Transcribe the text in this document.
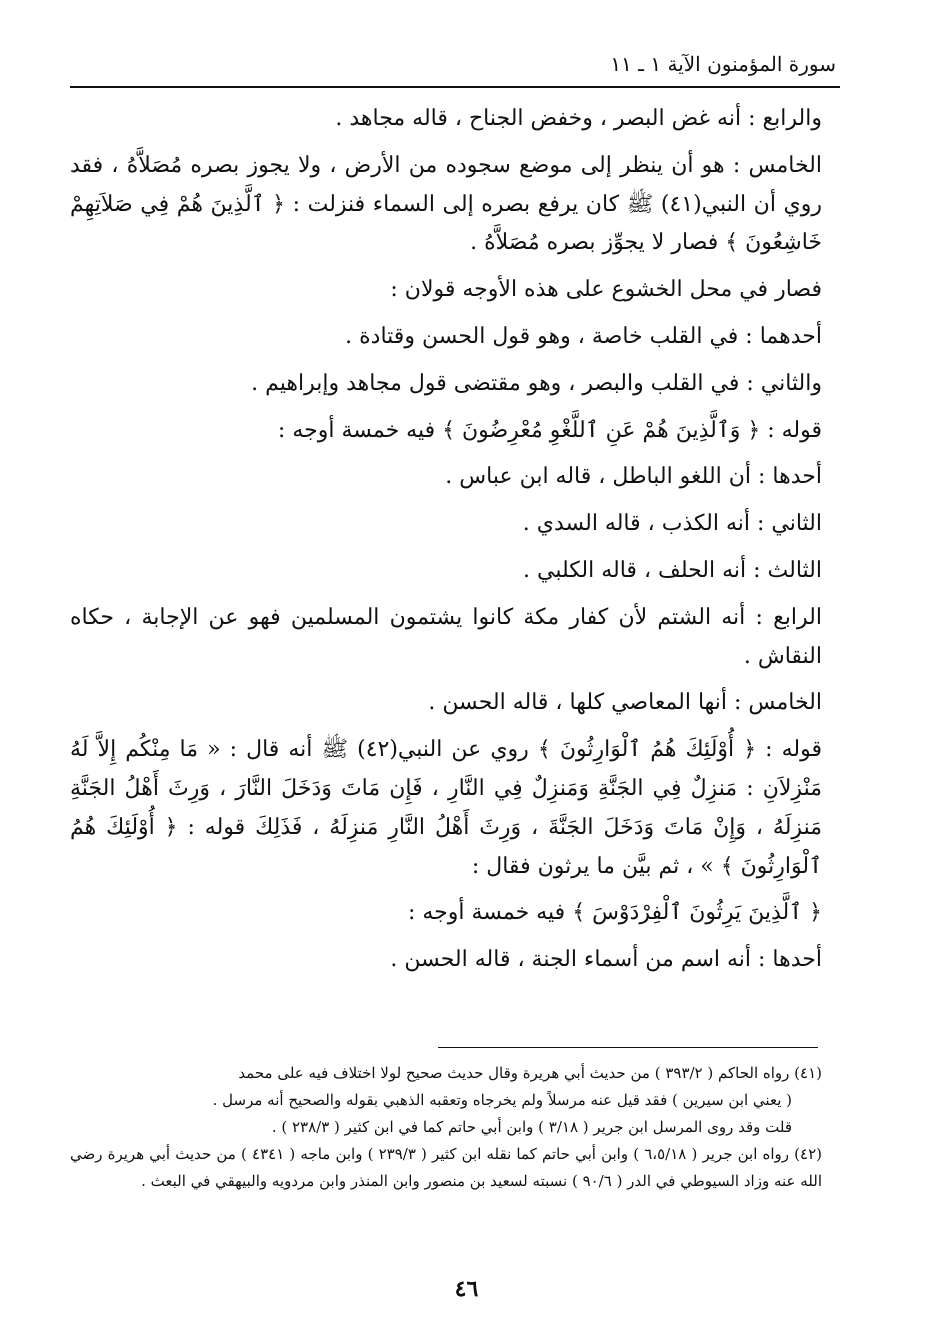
سورة المؤمنون الآية ١ ـ ١١

والرابع : أنه غض البصر ، وخفض الجناح ، قاله مجاهد .

الخامس : هو أن ينظر إلى موضع سجوده من الأرض ، ولا يجوز بصره مُصَلاَّهُ ، فقد روي أن النبي(٤١) ﷺ كان يرفع بصره إلى السماء فنزلت : ﴿ ٱلَّذِينَ هُمْ فِي صَلاَتِهِمْ خَاشِعُونَ ﴾ فصار لا يجوِّز بصره مُصَلاَّهُ .

فصار في محل الخشوع على هذه الأوجه قولان :

أحدهما : في القلب خاصة ، وهو قول الحسن وقتادة .

والثاني : في القلب والبصر ، وهو مقتضى قول مجاهد وإبراهيم .

قوله : ﴿ وَٱلَّذِينَ هُمْ عَنِ ٱللَّغْوِ مُعْرِضُونَ ﴾ فيه خمسة أوجه :

أحدها : أن اللغو الباطل ، قاله ابن عباس .

الثاني : أنه الكذب ، قاله السدي .

الثالث : أنه الحلف ، قاله الكلبي .

الرابع : أنه الشتم لأن كفار مكة كانوا يشتمون المسلمين فهو عن الإجابة ، حكاه النقاش .

الخامس : أنها المعاصي كلها ، قاله الحسن .

قوله : ﴿ أُوْلَئِكَ هُمُ ٱلْوَارِثُونَ ﴾ روي عن النبي(٤٢) ﷺ أنه قال : « مَا مِنْكُم إِلاَّ لَهُ مَنْزِلاَنِ : مَنزِلٌ فِي الجَنَّةِ وَمَنزِلٌ فِي النَّارِ ، فَإِن مَاتَ وَدَخَلَ النَّارَ ، وَرِثَ أَهْلُ الجَنَّةِ مَنزِلَهُ ، وَإِنْ مَاتَ وَدَخَلَ الجَنَّةَ ، وَرِثَ أَهْلُ النَّارِ مَنزِلَهُ ، فَذَلِكَ قوله : ﴿ أُوْلَئِكَ هُمُ ٱلْوَارِثُونَ ﴾ » ، ثم بيَّن ما يرثون فقال :

﴿ ٱلَّذِينَ يَرِثُونَ ٱلْفِرْدَوْسَ ﴾ فيه خمسة أوجه :

أحدها : أنه اسم من أسماء الجنة ، قاله الحسن .

(٤١) رواه الحاكم ( ٣٩٣/٢ ) من حديث أبي هريرة وقال حديث صحيح لولا اختلاف فيه على محمد

( يعني ابن سيرين ) فقد قيل عنه مرسلاً ولم يخرجاه وتعقبه الذهبي بقوله والصحيح أنه مرسل .

قلت وقد روى المرسل ابن جرير ( ٣/١٨ ) وابن أبي حاتم كما في ابن كثير ( ٢٣٨/٣ ) .

(٤٢) رواه ابن جرير ( ٦،٥/١٨ ) وابن أبي حاتم كما نقله ابن كثير ( ٢٣٩/٣ ) وابن ماجه ( ٤٣٤١ ) من حديث أبي هريرة رضي الله عنه وزاد السيوطي في الدر ( ٩٠/٦ ) نسبته لسعيد بن منصور وابن المنذر وابن مردويه والبيهقي في البعث .

٤٦
